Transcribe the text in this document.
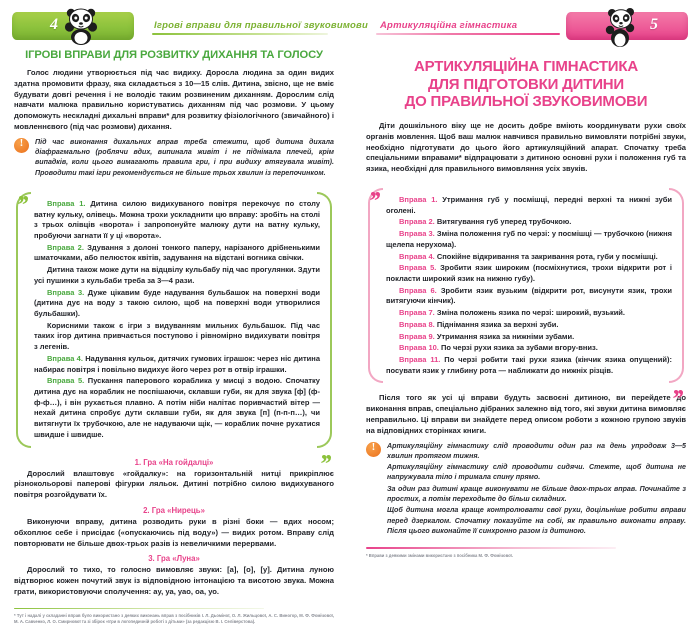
4	Ігрові вправи для правильної звуковимови
ІГРОВІ ВПРАВИ ДЛЯ РОЗВИТКУ ДИХАННЯ ТА ГОЛОСУ

Голос людини утворюється під час видиху. Доросла людина за один видих здатна промовити фразу, яка складається з 10—15 слів. Дитина, звісно, ще не вміє будувати довгі речення і не володіє таким розвиненим диханням. Дорослим слід навчати малюка правильно користуватись диханням під час розмови. У цьому допоможуть нескладні дихальні вправи* для розвитку фізіологічного (звичайного) і мовленнєвого (під час розмови) дихання.

!

Під час виконання дихальних вправ треба стежити, щоб дитина дихала діафрагмально (роблячи вдих, випинала живіт і не піднімала плечей, крім випадків, коли цього вимагають правила гри, і при видиху втягувала живіт). Проводити такі ігри рекомендується не більше трьох хвилин із перепочинком.

,,
,,

Вправа 1. Дитина силою видихуваного повітря перекочує по столу ватну кульку, олівець. Можна трохи ускладнити цю вправу: зробіть на столі з трьох олівців «ворота» і запропонуйте малюку дути на ватну кульку, пробуючи загнати її у ці «ворота».

Вправа 2. Здування з долоні тонкого паперу, нарізаного дрібненькими шматочками, або пелюсток квітів, задування на відстані вогника свічки.

Дитина також може дути на відцвілу кульбабу під час прогулянки. Здути усі пушинки з кульбаби треба за 3—4 рази.

Вправа 3. Дуже цікавим буде надування бульбашок на поверхні води (дитина дує на воду з такою силою, щоб на поверхні води утворилися бульбашки).

Корисними також є ігри з видуванням мильних бульбашок. Під час таких ігор дитина привчається поступово і рівномірно видихувати повітря з легенів.

Вправа 4. Надування кульок, дитячих гумових іграшок: через ніс дитина набирає повітря і повільно видихує його через рот в отвір іграшки.

Вправа 5. Пускання паперового кораблика у мисці з водою. Спочатку дитина дує на кораблик не поспішаючи, склавши губи, як для звука [ф] (ф-ф-ф…), і він рухається плавно. А потім ніби налітає поривчастий вітер — нехай дитина спробує дути склавши губи, як для звука [п] (п-п-п…), чи витягнути їх трубочкою, але не надуваючи щік, — кораблик почне рухатися швидше і швидше.

1. Гра «На гойдалці»

Дорослий влаштовує «гойдалку»: на горизонтальній нитці прикріплює різнокольорові паперові фігурки ляльок. Дитині потрібно силою видихуваного повітря розгойдувати їх.

2. Гра «Нирець»

Виконуючи вправу, дитина розводить руки в різні боки — вдих носом; обхоплює себе і присідає («опускаючись під воду») — видих ротом. Вправу слід повторювати не більше двох-трьох разів із невеличкими перервами.

3. Гра «Луна»

Дорослий то тихо, то голосно вимовляє звуки: [а], [о], [у]. Дитина луною відтворює кожен почутий звук із відповідною інтонацією та висотою звука. Можна грати, використовуючи сполучення: ау, уа, уао, оа, уо.

* Тут і надалі у складанні вправ було використано з деяких виконань вправ з посібників І. Л. Дьоміної, О. Л. Жильцової, А. С. Виногор, М. Ф. Фомічової, М. А. Савченко, Л. О. Смирнової та зі збірок «Ігри в логопедичній роботі з дітьми» (за редакцією В. І. Селіверстова).
5
Артикуляційна гімнастика
АРТИКУЛЯЦІЙНА ГІМНАСТИКА
ДЛЯ ПІДГОТОВКИ ДИТИНИ
ДО ПРАВИЛЬНОЇ ЗВУКОВИМОВИ

Діти дошкільного віку ще не досить добре вміють координувати рухи своїх органів мовлення. Щоб ваш малюк навчився правильно вимовляти потрібні звуки, необхідно підготувати до цього його артикуляційний апарат. Спочатку треба спеціальними вправами* відпрацювати з дитиною основні рухи і положення губ та язика, необхідні для правильного вимовляння усіх звуків.

,,
,,

Вправа 1. Утримання губ у посмішці, передні верхні та нижні зуби оголені.

Вправа 2. Витягування губ уперед трубочкою.

Вправа 3. Зміна положення губ по черзі: у посмішці — трубочкою (нижня щелепа нерухома).

Вправа 4. Спокійне відкривання та закривання рота, губи у посмішці.

Вправа 5. Зробити язик широким (посміхнутися, трохи відкрити рот і покласти широкий язик на нижню губу).

Вправа 6. Зробити язик вузьким (відкрити рот, висунути язик, трохи витягуючи кінчик).

Вправа 7. Зміна положень язика по черзі: широкий, вузький.

Вправа 8. Піднімання язика за верхні зуби.

Вправа 9. Утримання язика за нижніми зубами.

Вправа 10. По черзі рухи язика за зубами вгору-вниз.

Вправа 11. По черзі робити такі рухи язика (кінчик язика опущений): посувати язик у глибину рота — наближати до нижніх різців.

Після того як усі ці вправи будуть засвоєні дитиною, ви перейдете до виконання вправ, спеціально дібраних залежно від того, які звуки дитина вимовляє неправильно. Ці вправи ви знайдете перед описом роботи з кожною групою звуків на відповідних сторінках книги.

!

Артикуляційну гімнастику слід проводити один раз на день упродовж 3—5 хвилин протягом тижня.

Артикуляційну гімнастику слід проводити сидячи. Стежте, щоб дитина не напружувала тіло і тримала спину прямо.

За один раз дитині краще виконувати не більше двох-трьох вправ. Починайте з простих, а потім переходьте до більш складних.

Щоб дитина могла краще контролювати свої рухи, доцільніше робити вправи перед дзеркалом. Спочатку показуйте на собі, як правильно виконати вправу. Після цього виконайте її синхронно разом із дитиною.

* Вправи з деякими змінами використано з посібника М. Ф. Фомічової.
